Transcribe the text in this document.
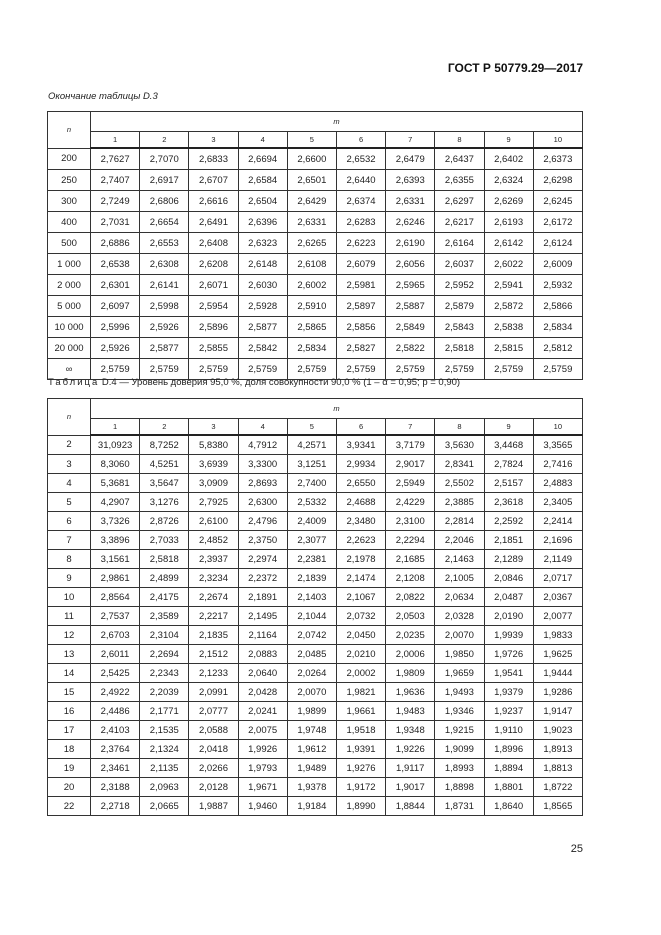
ГОСТ Р 50779.29—2017
Окончание таблицы D.3
n	m									
	1	2	3	4	5	6	7	8	9	10
200	2,7627	2,7070	2,6833	2,6694	2,6600	2,6532	2,6479	2,6437	2,6402	2,6373
250	2,7407	2,6917	2,6707	2,6584	2,6501	2,6440	2,6393	2,6355	2,6324	2,6298
300	2,7249	2,6806	2,6616	2,6504	2,6429	2,6374	2,6331	2,6297	2,6269	2,6245
400	2,7031	2,6654	2,6491	2,6396	2,6331	2,6283	2,6246	2,6217	2,6193	2,6172
500	2,6886	2,6553	2,6408	2,6323	2,6265	2,6223	2,6190	2,6164	2,6142	2,6124
1 000	2,6538	2,6308	2,6208	2,6148	2,6108	2,6079	2,6056	2,6037	2,6022	2,6009
2 000	2,6301	2,6141	2,6071	2,6030	2,6002	2,5981	2,5965	2,5952	2,5941	2,5932
5 000	2,6097	2,5998	2,5954	2,5928	2,5910	2,5897	2,5887	2,5879	2,5872	2,5866
10 000	2,5996	2,5926	2,5896	2,5877	2,5865	2,5856	2,5849	2,5843	2,5838	2,5834
20 000	2,5926	2,5877	2,5855	2,5842	2,5834	2,5827	2,5822	2,5818	2,5815	2,5812
∞	2,5759	2,5759	2,5759	2,5759	2,5759	2,5759	2,5759	2,5759	2,5759	2,5759
Таблица D.4 — Уровень доверия 95,0 %, доля совокупности 90,0 % (1 – α = 0,95; p = 0,90)
n	m									
	1	2	3	4	5	6	7	8	9	10
2	31,0923	8,7252	5,8380	4,7912	4,2571	3,9341	3,7179	3,5630	3,4468	3,3565
3	8,3060	4,5251	3,6939	3,3300	3,1251	2,9934	2,9017	2,8341	2,7824	2,7416
4	5,3681	3,5647	3,0909	2,8693	2,7400	2,6550	2,5949	2,5502	2,5157	2,4883
5	4,2907	3,1276	2,7925	2,6300	2,5332	2,4688	2,4229	2,3885	2,3618	2,3405
6	3,7326	2,8726	2,6100	2,4796	2,4009	2,3480	2,3100	2,2814	2,2592	2,2414
7	3,3896	2,7033	2,4852	2,3750	2,3077	2,2623	2,2294	2,2046	2,1851	2,1696
8	3,1561	2,5818	2,3937	2,2974	2,2381	2,1978	2,1685	2,1463	2,1289	2,1149
9	2,9861	2,4899	2,3234	2,2372	2,1839	2,1474	2,1208	2,1005	2,0846	2,0717
10	2,8564	2,4175	2,2674	2,1891	2,1403	2,1067	2,0822	2,0634	2,0487	2,0367
11	2,7537	2,3589	2,2217	2,1495	2,1044	2,0732	2,0503	2,0328	2,0190	2,0077
12	2,6703	2,3104	2,1835	2,1164	2,0742	2,0450	2,0235	2,0070	1,9939	1,9833
13	2,6011	2,2694	2,1512	2,0883	2,0485	2,0210	2,0006	1,9850	1,9726	1,9625
14	2,5425	2,2343	2,1233	2,0640	2,0264	2,0002	1,9809	1,9659	1,9541	1,9444
15	2,4922	2,2039	2,0991	2,0428	2,0070	1,9821	1,9636	1,9493	1,9379	1,9286
16	2,4486	2,1771	2,0777	2,0241	1,9899	1,9661	1,9483	1,9346	1,9237	1,9147
17	2,4103	2,1535	2,0588	2,0075	1,9748	1,9518	1,9348	1,9215	1,9110	1,9023
18	2,3764	2,1324	2,0418	1,9926	1,9612	1,9391	1,9226	1,9099	1,8996	1,8913
19	2,3461	2,1135	2,0266	1,9793	1,9489	1,9276	1,9117	1,8993	1,8894	1,8813
20	2,3188	2,0963	2,0128	1,9671	1,9378	1,9172	1,9017	1,8898	1,8801	1,8722
22	2,2718	2,0665	1,9887	1,9460	1,9184	1,8990	1,8844	1,8731	1,8640	1,8565
25
